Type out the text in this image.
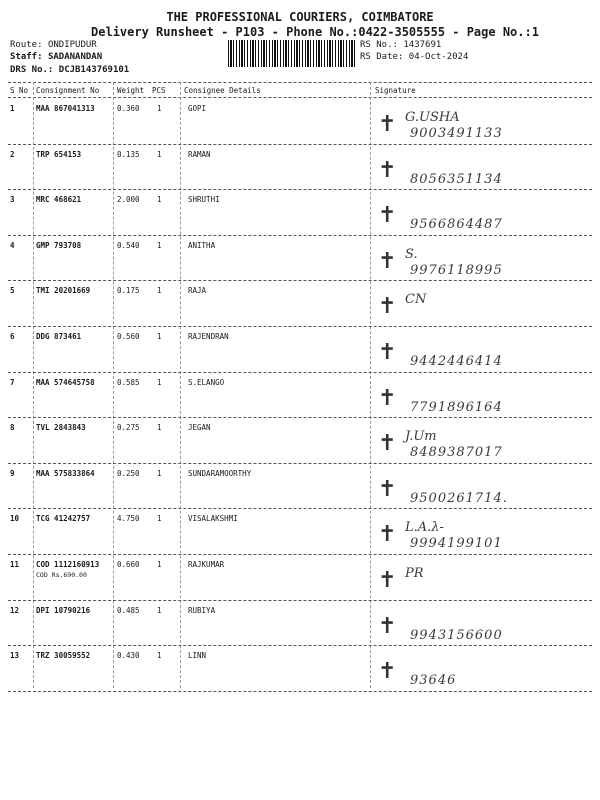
THE PROFESSIONAL COURIERS, COIMBATORE
Delivery Runsheet - P103 - Phone No.:0422-3505555 - Page No.:1
Route: ONDIPUDUR
Staff: SADANANDAN
DRS No.: DCJB143769101
RS No.: 1437691
RS Date: 04-Oct-2024
S No Consignment No Weight PCS Consignee Details	Signature
1	MAA 867041313	0.360 1	GOPI
✝ G.USHA
9003491133
2	TRP 654153	0.135 1	RAMAN
✝ 8056351134
3	MRC 468621	2.000 1	SHRUTHI
✝ 9566864487
4	GMP 793708	0.540 1	ANITHA
✝ S.
9976118995
5	TMI 20201669	0.175 1	RAJA
✝ CN
6	DDG 873461	0.560 1	RAJENDRAN
✝ 9442446414
7	MAA 574645758	0.585 1	S.ELANGO
✝ 7791896164
8	TVL 2843843	0.275 1	JEGAN
✝ J.Um
8489387017
9	MAA 575833864	0.250 1	SUNDARAMOORTHY
✝ 9500261714.
10 TCG 41242757	4.750 1	VISALAKSHMI
✝ L.A.λ-
9994199101
11 COD 1112160913 0.660 1	RAJKUMAR
COD Rs.690.00	✝ PR
12 DPI 10790216	0.485 1	RUBIYA
✝ 9943156600
13 TRZ 30059552	0.430 1	LINN
✝ 93646
